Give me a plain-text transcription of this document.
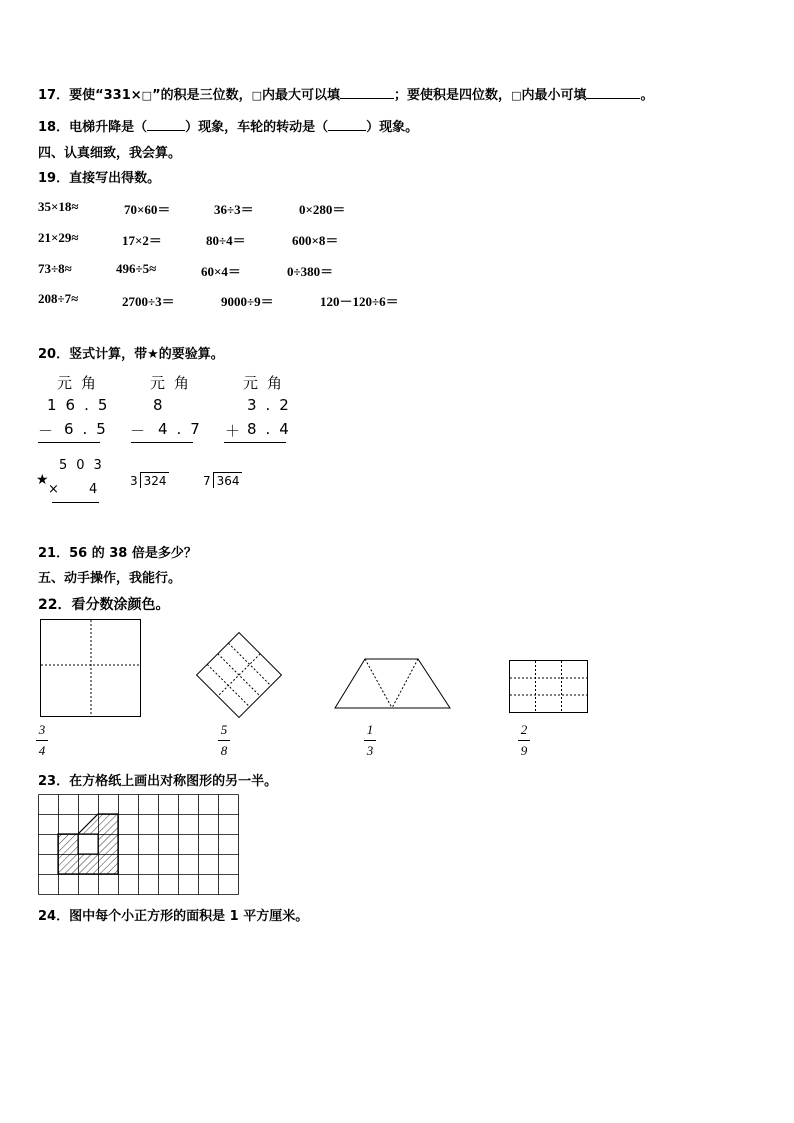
17．要使“331×□”的积是三位数，□内最大可以填	；要使积是四位数，□内最小可填	。
18．电梯升降是（	）现象，车轮的转动是（	）现象。
四、认真细致，我会算。
19．直接写出得数。
35×18≈	70×60＝	36÷3＝	0×280＝
21×29≈	17×2＝	80÷4＝	600×8＝
73÷8≈	496÷5≈	60×4＝	0÷380＝
208÷7≈	2700÷3＝	9000÷9＝	120－120÷6＝
20．竖式计算，带★的要验算。
元角
16.5
－ 6.5
元角
8
－ 4.7
元角
3.2
＋
8.4
★
503
× 4
3 324	7 364
21．56 的 38 倍是多少？
五、动手操作，我能行。
22．看分数涂颜色。
3
4
5
8
1
3
2
9
23．在方格纸上画出对称图形的另一半。
24．图中每个小正方形的面积是 1 平方厘米。
